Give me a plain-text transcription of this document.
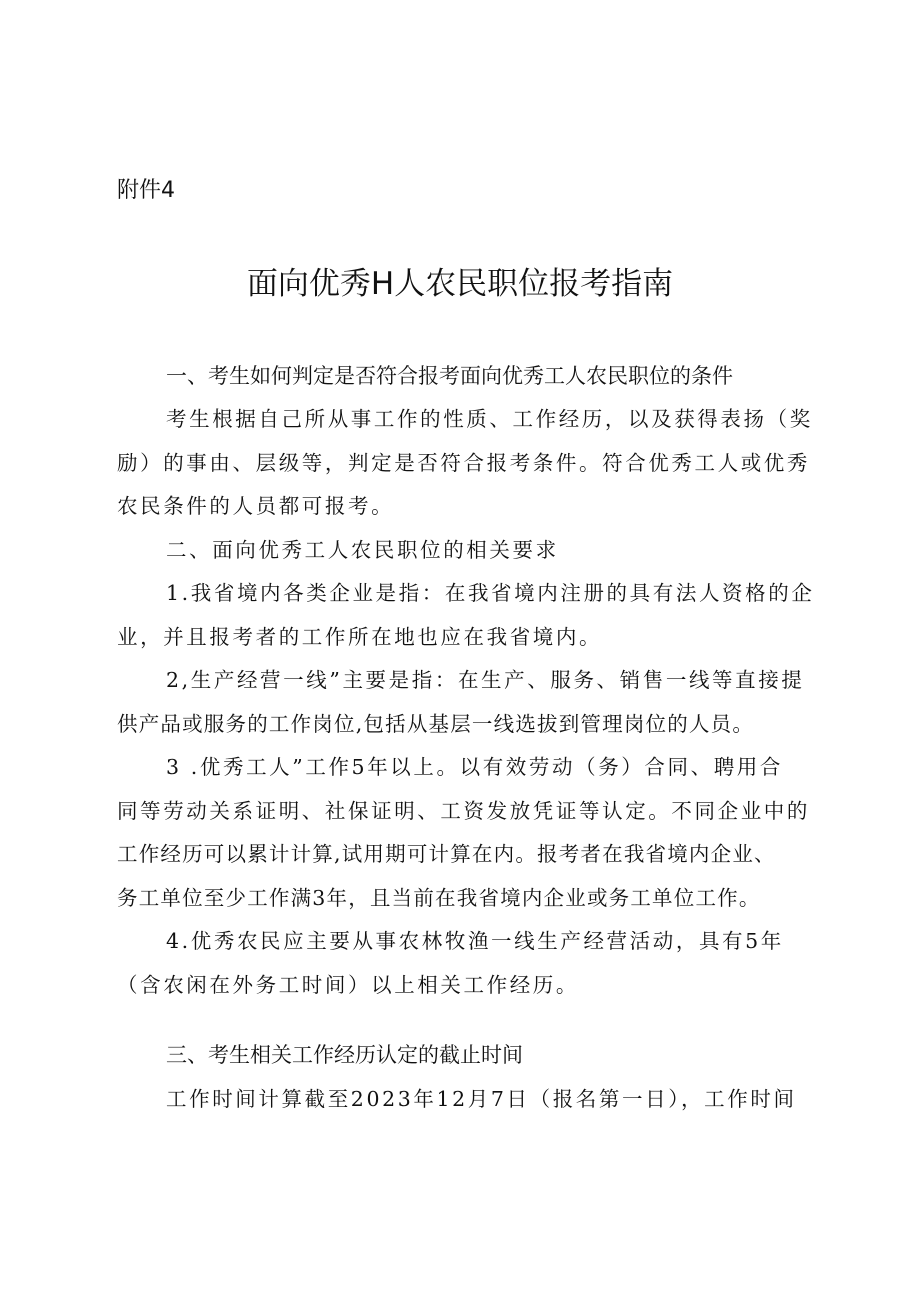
附件4
面向优秀H人农民职位报考指南
一、考生如何判定是否符合报考面向优秀工人农民职位的条件
考生根据自己所从事工作的性质、工作经历，以及获得表扬（奖
励）的事由、层级等，判定是否符合报考条件。符合优秀工人或优秀
农民条件的人员都可报考。
二、面向优秀工人农民职位的相关要求
1.我省境内各类企业是指：在我省境内注册的具有法人资格的企
业，并且报考者的工作所在地也应在我省境内。
2,生产经营一线”主要是指：在生产、服务、销售一线等直接提
供产品或服务的工作岗位,包括从基层一线选拔到管理岗位的人员。
3 .优秀工人”工作5年以上。以有效劳动（务）合同、聘用合
同等劳动关系证明、社保证明、工资发放凭证等认定。不同企业中的
工作经历可以累计计算,试用期可计算在内。报考者在我省境内企业、
务工单位至少工作满3年，且当前在我省境内企业或务工单位工作。
4.优秀农民应主要从事农林牧渔一线生产经营活动，具有5年
（含农闲在外务工时间）以上相关工作经历。
三、考生相关工作经历认定的截止时间
工作时间计算截至2023年12月7日（报名第一日），工作时间
